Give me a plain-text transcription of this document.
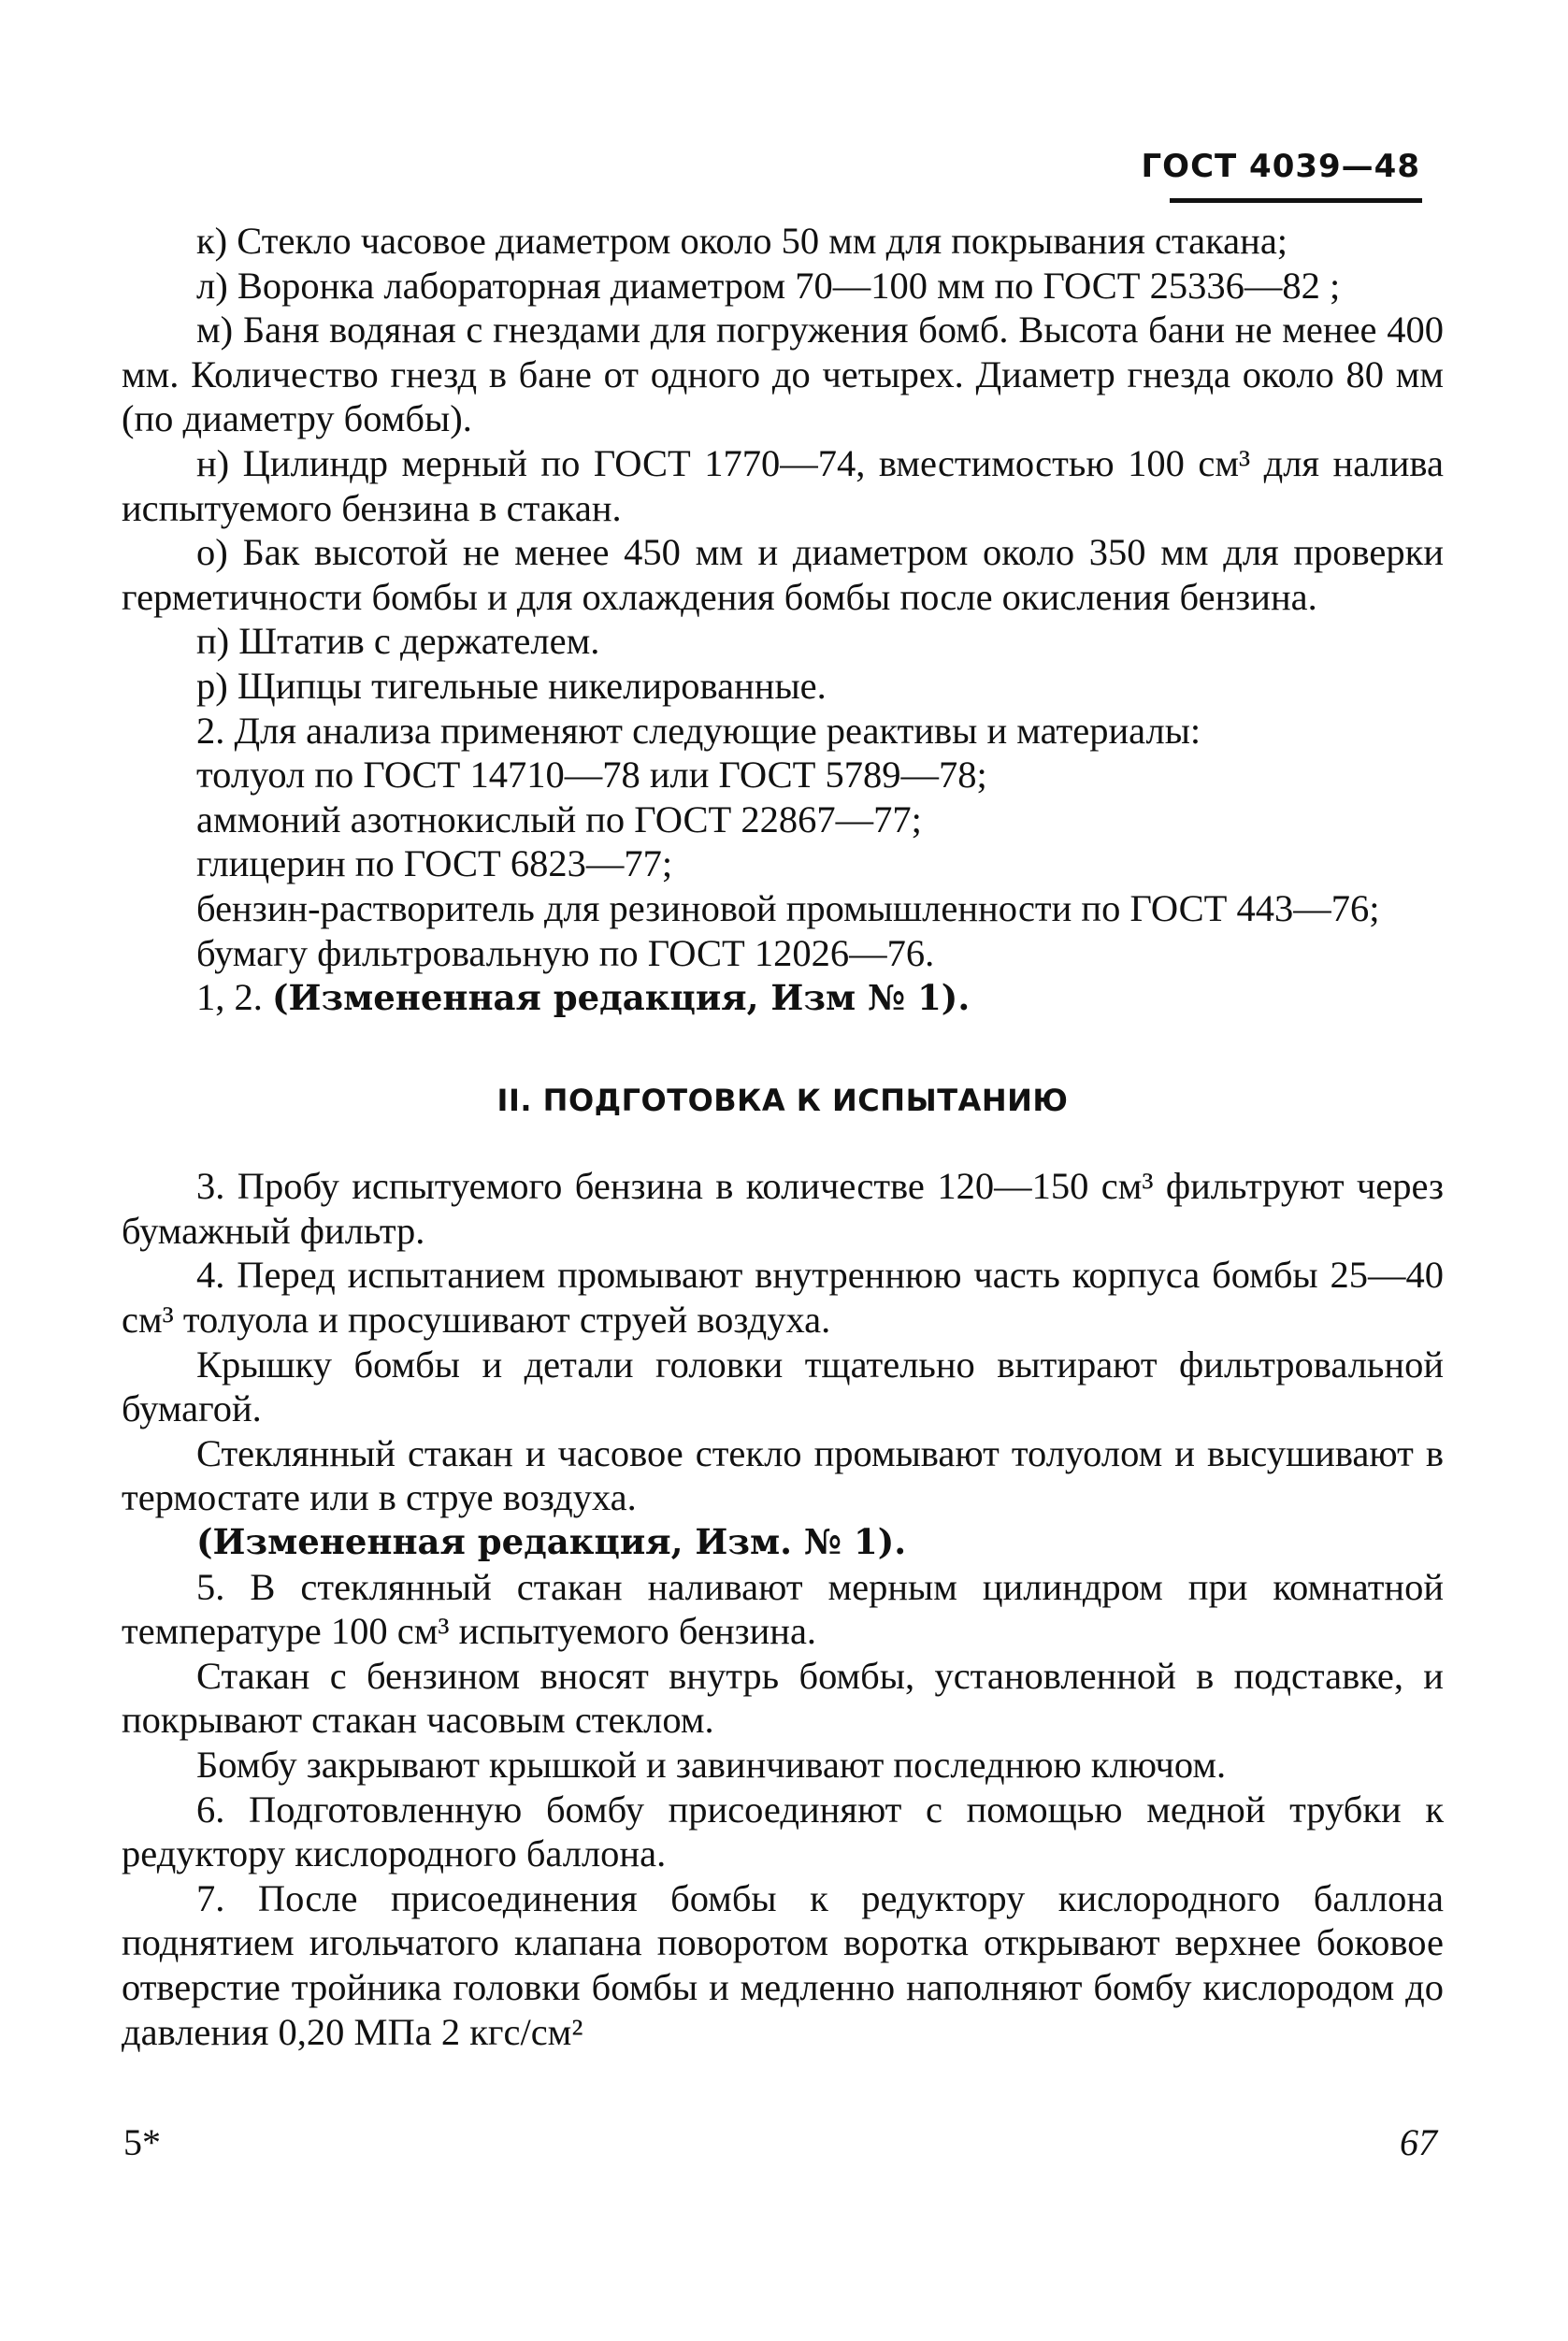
ГОСТ 4039—48

к) Стекло часовое диаметром около 50 мм для покрывания стакана;

л) Воронка лабораторная диаметром 70—100 мм по ГОСТ 25336—82 ;

м) Баня водяная с гнездами для погружения бомб. Высота бани не менее 400 мм. Количество гнезд в бане от одного до четырех. Диаметр гнезда около 80 мм (по диаметру бомбы).

н) Цилиндр мерный по ГОСТ 1770—74, вместимостью 100 см³ для налива испытуемого бензина в стакан.

о) Бак высотой не менее 450 мм и диаметром около 350 мм для проверки герметичности бомбы и для охлаждения бомбы после окисления бензина.

п) Штатив с держателем.

р) Щипцы тигельные никелированные.

2. Для анализа применяют следующие реактивы и материалы:

толуол по ГОСТ 14710—78 или ГОСТ 5789—78;

аммоний азотнокислый по ГОСТ 22867—77;

глицерин по ГОСТ 6823—77;

бензин-растворитель для резиновой промышленности по ГОСТ 443—76;

бумагу фильтровальную по ГОСТ 12026—76.

1, 2. (Измененная редакция, Изм № 1).

II. ПОДГОТОВКА К ИСПЫТАНИЮ

3. Пробу испытуемого бензина в количестве 120—150 см³ фильтруют через бумажный фильтр.

4. Перед испытанием промывают внутреннюю часть корпуса бомбы 25—40 см³ толуола и просушивают струей воздуха.

Крышку бомбы и детали головки тщательно вытирают фильтровальной бумагой.

Стеклянный стакан и часовое стекло промывают толуолом и высушивают в термостате или в струе воздуха.

(Измененная редакция, Изм. № 1).

5. В стеклянный стакан наливают мерным цилиндром при комнатной температуре 100 см³ испытуемого бензина.

Стакан с бензином вносят внутрь бомбы, установленной в подставке, и покрывают стакан часовым стеклом.

Бомбу закрывают крышкой и завинчивают последнюю ключом.

6. Подготовленную бомбу присоединяют с помощью медной трубки к редуктору кислородного баллона.

7. После присоединения бомбы к редуктору кислородного баллона поднятием игольчатого клапана поворотом воротка открывают верхнее боковое отверстие тройника головки бомбы и медленно наполняют бомбу кислородом до давления 0,20 МПа 2 кгс/см²

5*	67
